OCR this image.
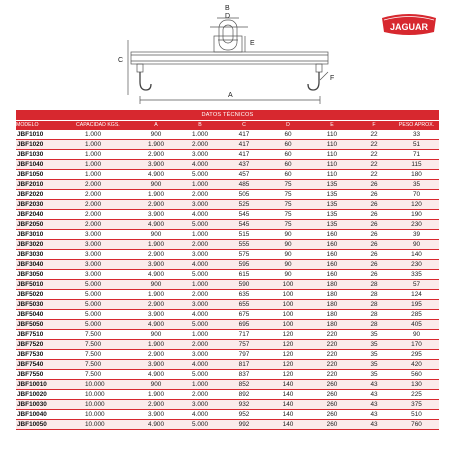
B
D
E
C
A
F
JAGUAR
DATOS TÉCNICOS								
MODELO	CAPACIDAD KGS.	A	B	C	D	E	F	PESO APROX.
JBF1010	1.000	900	1.000	417	60	110	22	33
JBF1020	1.000	1.900	2.000	417	60	110	22	51
JBF1030	1.000	2.900	3.000	417	60	110	22	71
JBF1040	1.000	3.900	4.000	437	60	110	22	115
JBF1050	1.000	4.900	5.000	457	60	110	22	180
JBF2010	2.000	900	1.000	485	75	135	26	35
JBF2020	2.000	1.900	2.000	505	75	135	26	70
JBF2030	2.000	2.900	3.000	525	75	135	26	120
JBF2040	2.000	3.900	4.000	545	75	135	26	190
JBF2050	2.000	4.900	5.000	545	75	135	26	230
JBF3010	3.000	900	1.000	515	90	160	26	39
JBF3020	3.000	1.900	2.000	555	90	160	26	90
JBF3030	3.000	2.900	3.000	575	90	160	26	140
JBF3040	3.000	3.900	4.000	595	90	160	26	230
JBF3050	3.000	4.900	5.000	615	90	160	26	335
JBF5010	5.000	900	1.000	590	100	180	28	57
JBF5020	5.000	1.900	2.000	635	100	180	28	124
JBF5030	5.000	2.900	3.000	655	100	180	28	195
JBF5040	5.000	3.900	4.000	675	100	180	28	285
JBF5050	5.000	4.900	5.000	695	100	180	28	405
JBF7510	7.500	900	1.000	717	120	220	35	90
JBF7520	7.500	1.900	2.000	757	120	220	35	170
JBF7530	7.500	2.900	3.000	797	120	220	35	295
JBF7540	7.500	3.900	4.000	817	120	220	35	420
JBF7550	7.500	4.900	5.000	837	120	220	35	560
JBF10010	10.000	900	1.000	852	140	260	43	130
JBF10020	10.000	1.900	2.000	892	140	260	43	225
JBF10030	10.000	2.900	3.000	932	140	260	43	375
JBF10040	10.000	3.900	4.000	952	140	260	43	510
JBF10050	10.000	4.900	5.000	992	140	260	43	760
